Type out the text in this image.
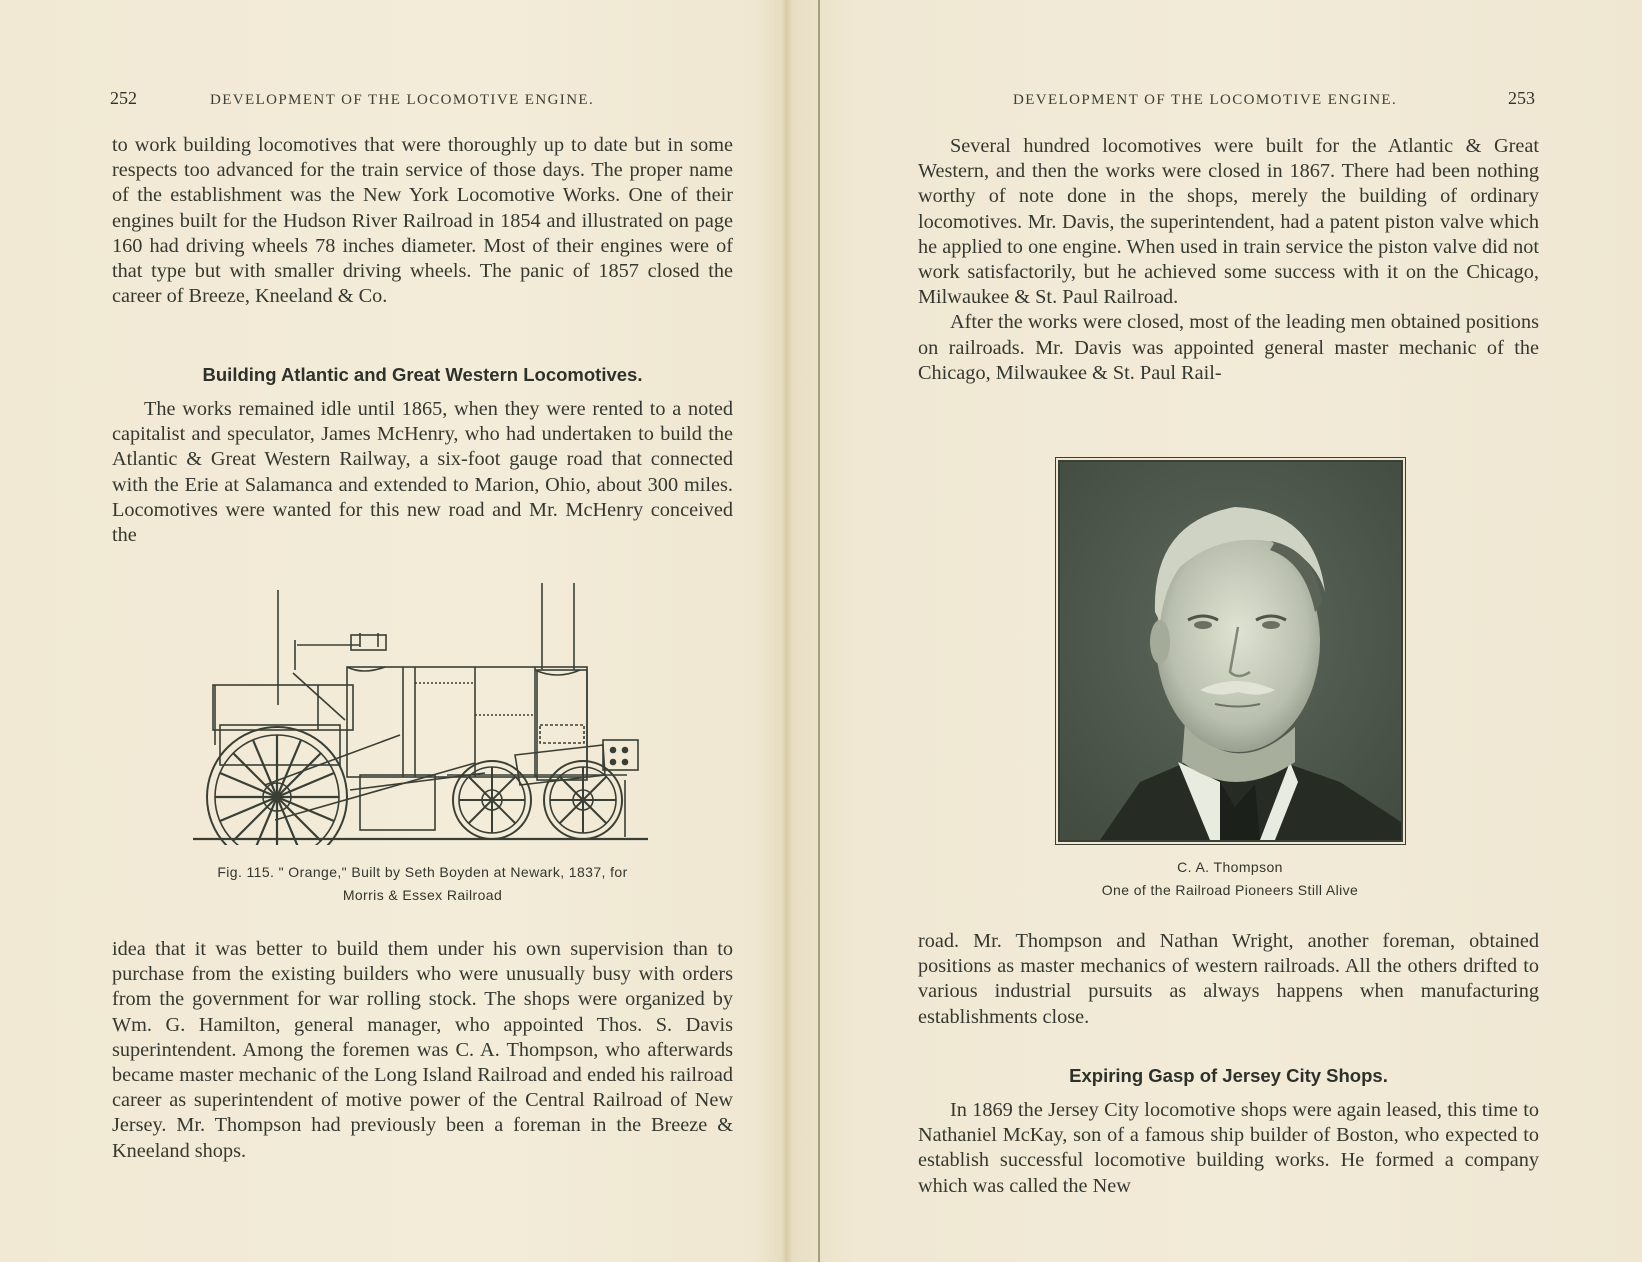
252	DEVELOPMENT OF THE LOCOMOTIVE ENGINE.

to work building locomotives that were thoroughly up to date but in some respects too advanced for the train service of those days. The proper name of the establishment was the New York Locomotive Works. One of their engines built for the Hudson River Railroad in 1854 and illustrated on page 160 had driving wheels 78 inches diameter. Most of their engines were of that type but with smaller driving wheels. The panic of 1857 closed the career of Breeze, Kneeland & Co.

Building Atlantic and Great Western Locomotives.

The works remained idle until 1865, when they were rented to a noted capitalist and speculator, James McHenry, who had undertaken to build the Atlantic & Great Western Railway, a six-foot gauge road that connected with the Erie at Salamanca and extended to Marion, Ohio, about 300 miles. Locomotives were wanted for this new road and Mr. McHenry conceived the

Fig. 115. " Orange," Built by Seth Boyden at Newark, 1837, for
Morris & Essex Railroad

idea that it was better to build them under his own supervision than to purchase from the existing builders who were unusually busy with orders from the government for war rolling stock. The shops were organized by Wm. G. Hamilton, general manager, who appointed Thos. S. Davis superintendent. Among the foremen was C. A. Thompson, who afterwards became master mechanic of the Long Island Railroad and ended his railroad career as superintendent of motive power of the Central Railroad of New Jersey. Mr. Thompson had previously been a foreman in the Breeze & Kneeland shops.

DEVELOPMENT OF THE LOCOMOTIVE ENGINE.	253

Several hundred locomotives were built for the Atlantic & Great Western, and then the works were closed in 1867. There had been nothing worthy of note done in the shops, merely the building of ordinary locomotives. Mr. Davis, the superintendent, had a patent piston valve which he applied to one engine. When used in train service the piston valve did not work satisfactorily, but he achieved some success with it on the Chicago, Milwaukee & St. Paul Railroad.

After the works were closed, most of the leading men obtained positions on railroads. Mr. Davis was appointed general master mechanic of the Chicago, Milwaukee & St. Paul Rail-

C. A. Thompson
One of the Railroad Pioneers Still Alive

road. Mr. Thompson and Nathan Wright, another foreman, obtained positions as master mechanics of western railroads. All the others drifted to various industrial pursuits as always happens when manufacturing establishments close.

Expiring Gasp of Jersey City Shops.

In 1869 the Jersey City locomotive shops were again leased, this time to Nathaniel McKay, son of a famous ship builder of Boston, who expected to establish successful locomotive building works. He formed a company which was called the New
